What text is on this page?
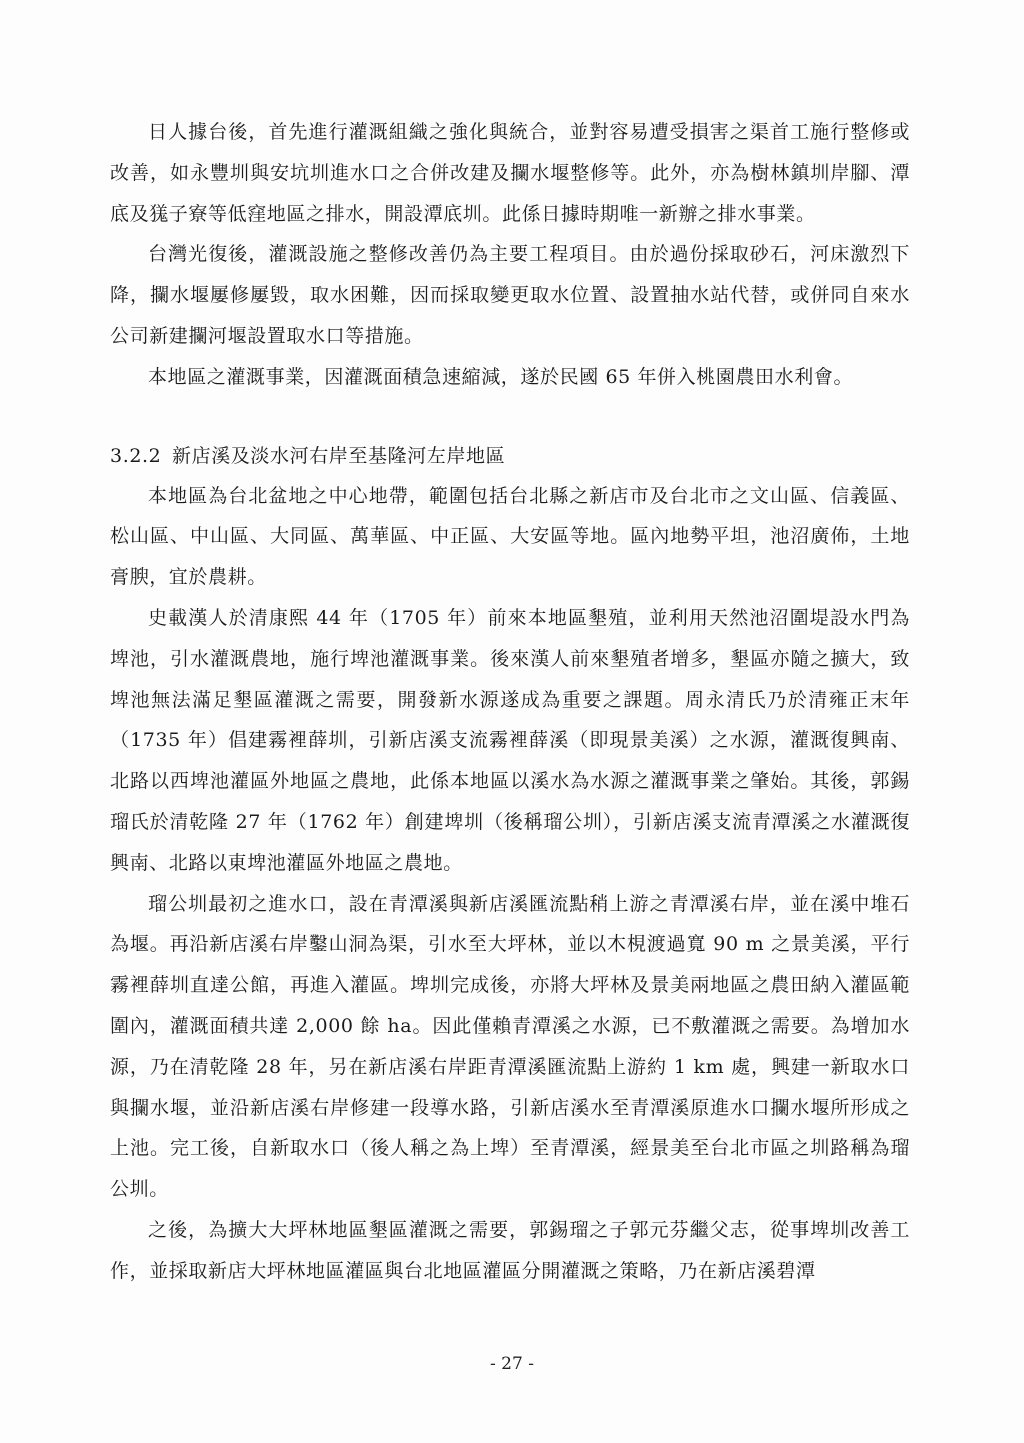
日人據台後，首先進行灌溉組織之強化與統合，並對容易遭受損害之渠首工施行整修或改善，如永豐圳與安坑圳進水口之合併改建及攔水堰整修等。此外，亦為樹林鎮圳岸腳、潭底及獇子寮等低窪地區之排水，開設潭底圳。此係日據時期唯一新辦之排水事業。

台灣光復後，灌溉設施之整修改善仍為主要工程項目。由於過份採取砂石，河床激烈下降，攔水堰屢修屢毀，取水困難，因而採取變更取水位置、設置抽水站代替，或併同自來水公司新建攔河堰設置取水口等措施。

本地區之灌溉事業，因灌溉面積急速縮減，遂於民國 65 年併入桃園農田水利會。

3.2.2 新店溪及淡水河右岸至基隆河左岸地區

本地區為台北盆地之中心地帶，範圍包括台北縣之新店市及台北市之文山區、信義區、松山區、中山區、大同區、萬華區、中正區、大安區等地。區內地勢平坦，池沼廣佈，土地膏腴，宜於農耕。

史載漢人於清康熙 44 年（1705 年）前來本地區墾殖，並利用天然池沼圍堤設水門為埤池，引水灌溉農地，施行埤池灌溉事業。後來漢人前來墾殖者增多，墾區亦隨之擴大，致埤池無法滿足墾區灌溉之需要，開發新水源遂成為重要之課題。周永清氏乃於清雍正末年（1735 年）倡建霧裡薛圳，引新店溪支流霧裡薛溪（即現景美溪）之水源，灌溉復興南、北路以西埤池灌區外地區之農地，此係本地區以溪水為水源之灌溉事業之肇始。其後，郭錫瑠氏於清乾隆 27 年（1762 年）創建埤圳（後稱瑠公圳），引新店溪支流青潭溪之水灌溉復興南、北路以東埤池灌區外地區之農地。

瑠公圳最初之進水口，設在青潭溪與新店溪匯流點稍上游之青潭溪右岸，並在溪中堆石為堰。再沿新店溪右岸鑿山洞為渠，引水至大坪林，並以木梘渡過寬 90 m 之景美溪，平行霧裡薛圳直達公館，再進入灌區。埤圳完成後，亦將大坪林及景美兩地區之農田納入灌區範圍內，灌溉面積共達 2,000 餘 ha。因此僅賴青潭溪之水源，已不敷灌溉之需要。為增加水源，乃在清乾隆 28 年，另在新店溪右岸距青潭溪匯流點上游約 1 km 處，興建一新取水口與攔水堰，並沿新店溪右岸修建一段導水路，引新店溪水至青潭溪原進水口攔水堰所形成之上池。完工後，自新取水口（後人稱之為上埤）至青潭溪，經景美至台北市區之圳路稱為瑠公圳。

之後，為擴大大坪林地區墾區灌溉之需要，郭錫瑠之子郭元芬繼父志，從事埤圳改善工作，並採取新店大坪林地區灌區與台北地區灌區分開灌溉之策略，乃在新店溪碧潭

- 27 -
